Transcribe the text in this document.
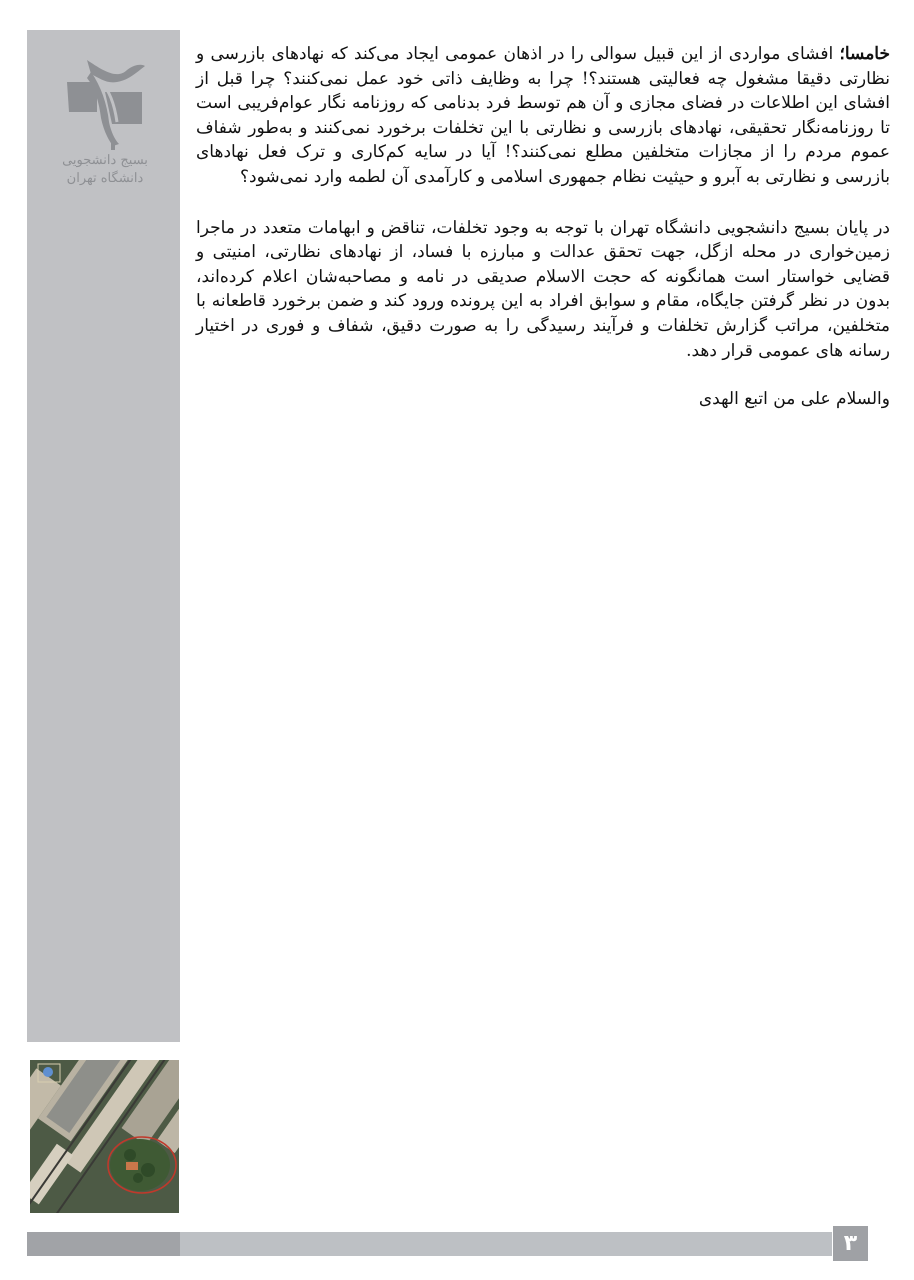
بسیج دانشجویی
دانشگاه تهران

خامسا؛ افشای مواردی از این قبیل سوالی را در اذهان عمومی ایجاد می‌کند که نهادهای بازرسی و نظارتی دقیقا مشغول چه فعالیتی هستند؟! چرا به وظایف ذاتی خود عمل نمی‌کنند؟ چرا قبل از افشای این اطلاعات در فضای مجازی و آن هم توسط فرد بدنامی که روزنامه نگار عوام‌فریبی است تا روزنامه‌نگار تحقیقی، نهادهای بازرسی و نظارتی با این تخلفات برخورد نمی‌کنند و به‌طور شفاف عموم مردم را از مجازات متخلفین مطلع نمی‌کنند؟! آیا در سایه کم‌کاری و ترک فعل نهادهای بازرسی و نظارتی به آبرو و حیثیت نظام جمهوری اسلامی و کارآمدی آن لطمه وارد نمی‌شود؟

در پایان بسیج دانشجویی دانشگاه تهران با توجه به وجود تخلفات، تناقض و ابهامات متعدد در ماجرا زمین‌خواری در محله ازگل، جهت تحقق عدالت و مبارزه با فساد، از نهادهای نظارتی، امنیتی و قضایی خواستار است همانگونه که حجت الاسلام صدیقی در نامه و مصاحبه‌شان اعلام کرده‌اند، بدون در نظر گرفتن جایگاه، مقام و سوابق افراد به این پرونده ورود کند و ضمن برخورد قاطعانه با متخلفین، مراتب گزارش تخلفات و فرآیند رسیدگی را به صورت دقیق، شفاف و فوری در اختیار رسانه های عمومی قرار دهد.

والسلام علی من اتبع الهدی

۳
